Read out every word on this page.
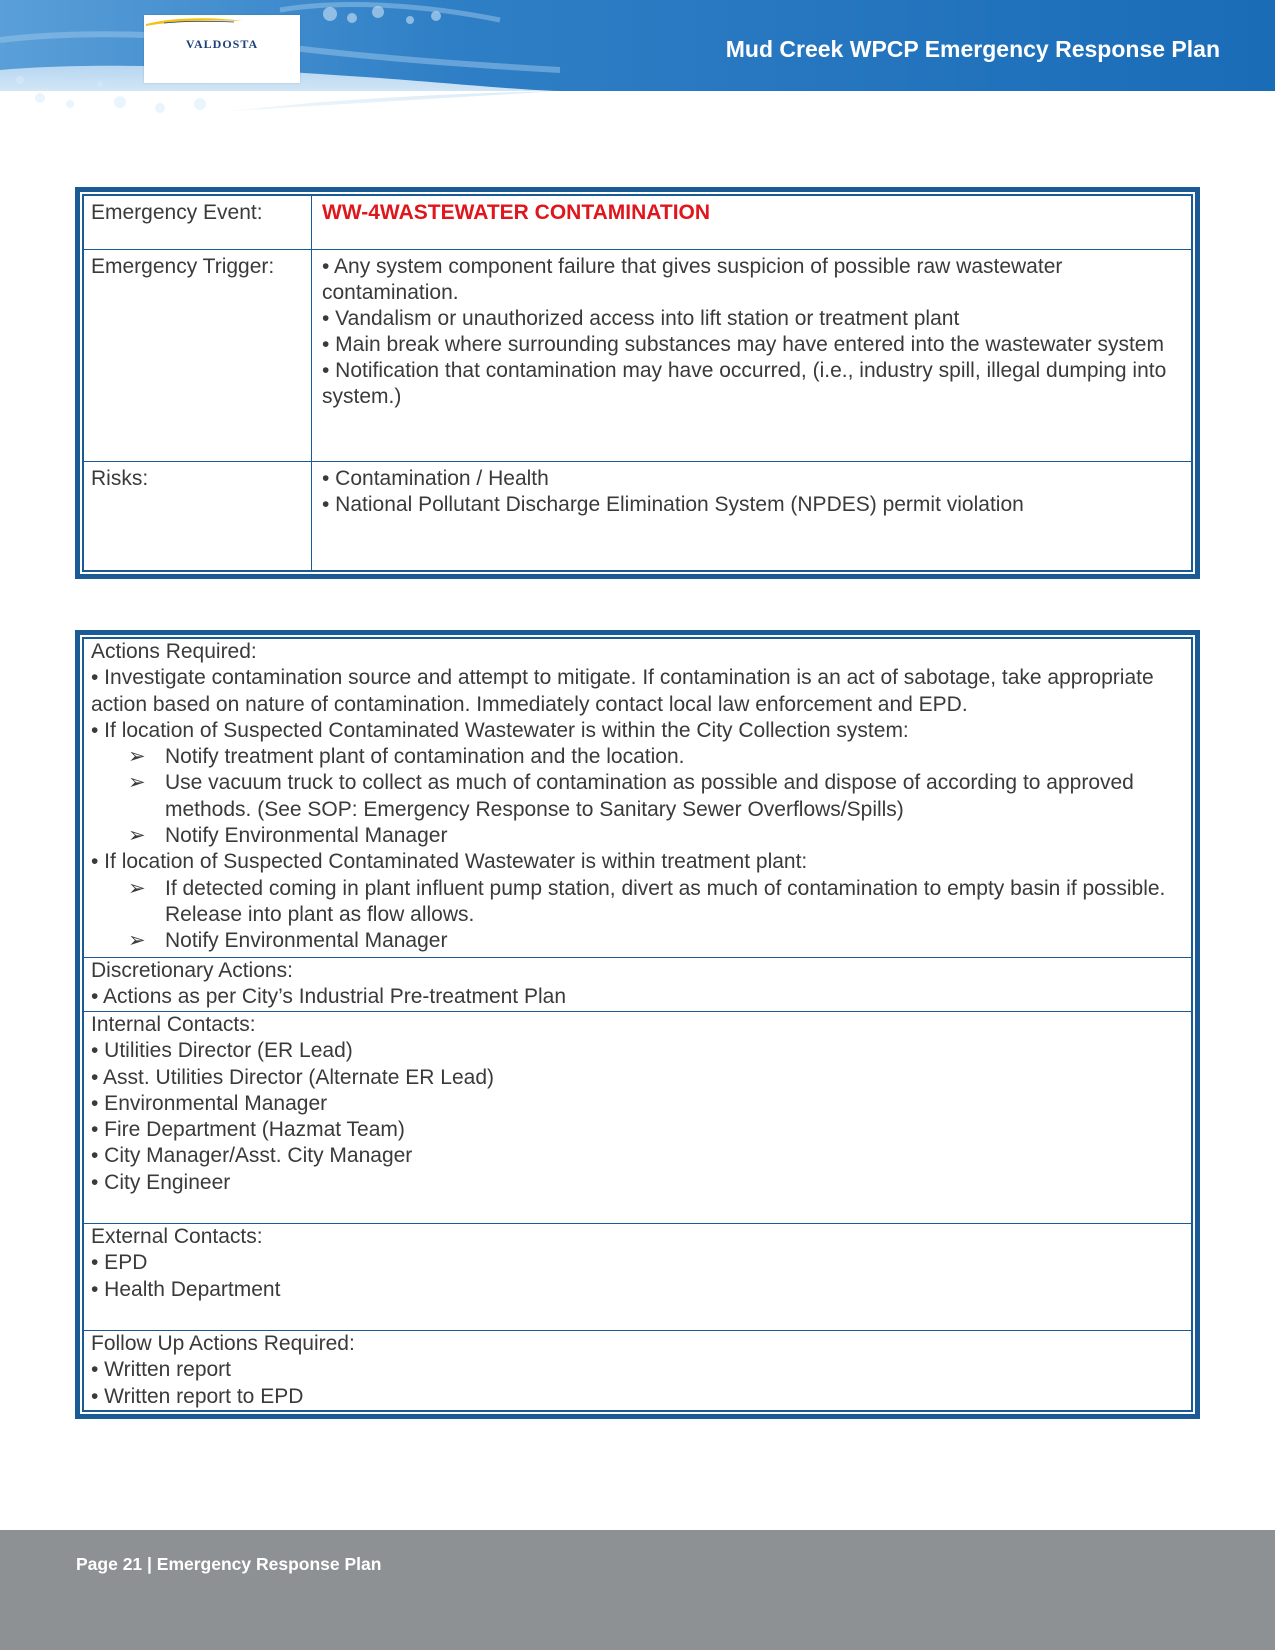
VALDOSTA	Mud Creek WPCP Emergency Response Plan
Emergency Event:	WW-4WASTEWATER CONTAMINATION
Emergency Trigger:	• Any system component failure that gives suspicion of possible raw wastewater contamination.
• Vandalism or unauthorized access into lift station or treatment plant
• Main break where surrounding substances may have entered into the wastewater system
• Notification that contamination may have occurred, (i.e., industry spill, illegal dumping into system.)
Risks:	• Contamination / Health
• National Pollutant Discharge Elimination System (NPDES) permit violation
Actions Required:
• Investigate contamination source and attempt to mitigate. If contamination is an act of sabotage, take appropriate action based on nature of contamination. Immediately contact local law enforcement and EPD.
• If location of Suspected Contaminated Wastewater is within the City Collection system:
➢ Notify treatment plant of contamination and the location.
➢ Use vacuum truck to collect as much of contamination as possible and dispose of according to approved methods. (See SOP: Emergency Response to Sanitary Sewer Overflows/Spills)
➢ Notify Environmental Manager
• If location of Suspected Contaminated Wastewater is within treatment plant:
➢ If detected coming in plant influent pump station, divert as much of contamination to empty basin if possible. Release into plant as flow allows.
➢ Notify Environmental Manager
Discretionary Actions:
• Actions as per City’s Industrial Pre-treatment Plan
Internal Contacts:
• Utilities Director (ER Lead)
• Asst. Utilities Director (Alternate ER Lead)
• Environmental Manager
• Fire Department (Hazmat Team)
• City Manager/Asst. City Manager
• City Engineer
External Contacts:
• EPD
• Health Department
Follow Up Actions Required:
• Written report
• Written report to EPD
Page 21 | Emergency Response Plan
